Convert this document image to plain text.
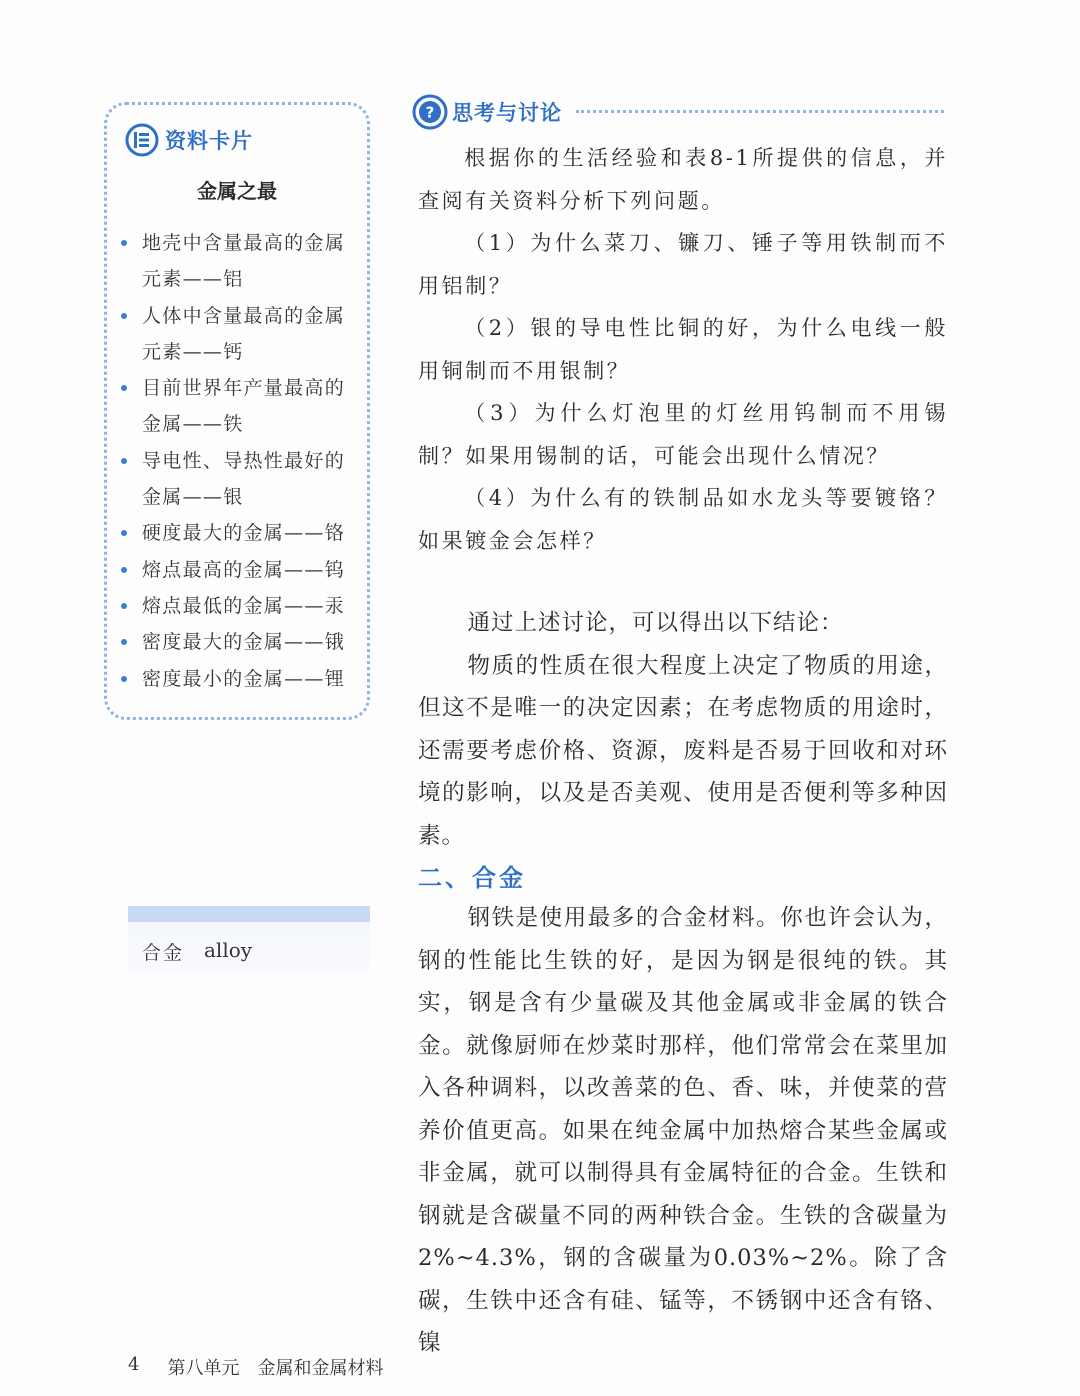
资料卡片
金属之最
地壳中含量最高的金属元素——铝
人体中含量最高的金属元素——钙
目前世界年产量最高的金属——铁
导电性、导热性最好的金属——银
硬度最大的金属——铬
熔点最高的金属——钨
熔点最低的金属——汞
密度最大的金属——锇
密度最小的金属——锂
合金 alloy
? 思考与讨论

根据你的生活经验和表8-1所提供的信息，并查阅有关资料分析下列问题。

（1）为什么菜刀、镰刀、锤子等用铁制而不用铝制？

（2）银的导电性比铜的好，为什么电线一般用铜制而不用银制？

（3）为什么灯泡里的灯丝用钨制而不用锡制？如果用锡制的话，可能会出现什么情况？

（4）为什么有的铁制品如水龙头等要镀铬？如果镀金会怎样？

通过上述讨论，可以得出以下结论：

物质的性质在很大程度上决定了物质的用途，但这不是唯一的决定因素；在考虑物质的用途时，还需要考虑价格、资源，废料是否易于回收和对环境的影响，以及是否美观、使用是否便利等多种因素。

二、合金

钢铁是使用最多的合金材料。你也许会认为，钢的性能比生铁的好，是因为钢是很纯的铁。其实，钢是含有少量碳及其他金属或非金属的铁合金。就像厨师在炒菜时那样，他们常常会在菜里加入各种调料，以改善菜的色、香、味，并使菜的营养价值更高。如果在纯金属中加热熔合某些金属或非金属，就可以制得具有金属特征的合金。生铁和钢就是含碳量不同的两种铁合金。生铁的含碳量为2%~4.3%，钢的含碳量为0.03%~2%。除了含碳，生铁中还含有硅、锰等，不锈钢中还含有铬、镍

4 第八单元 金属和金属材料
